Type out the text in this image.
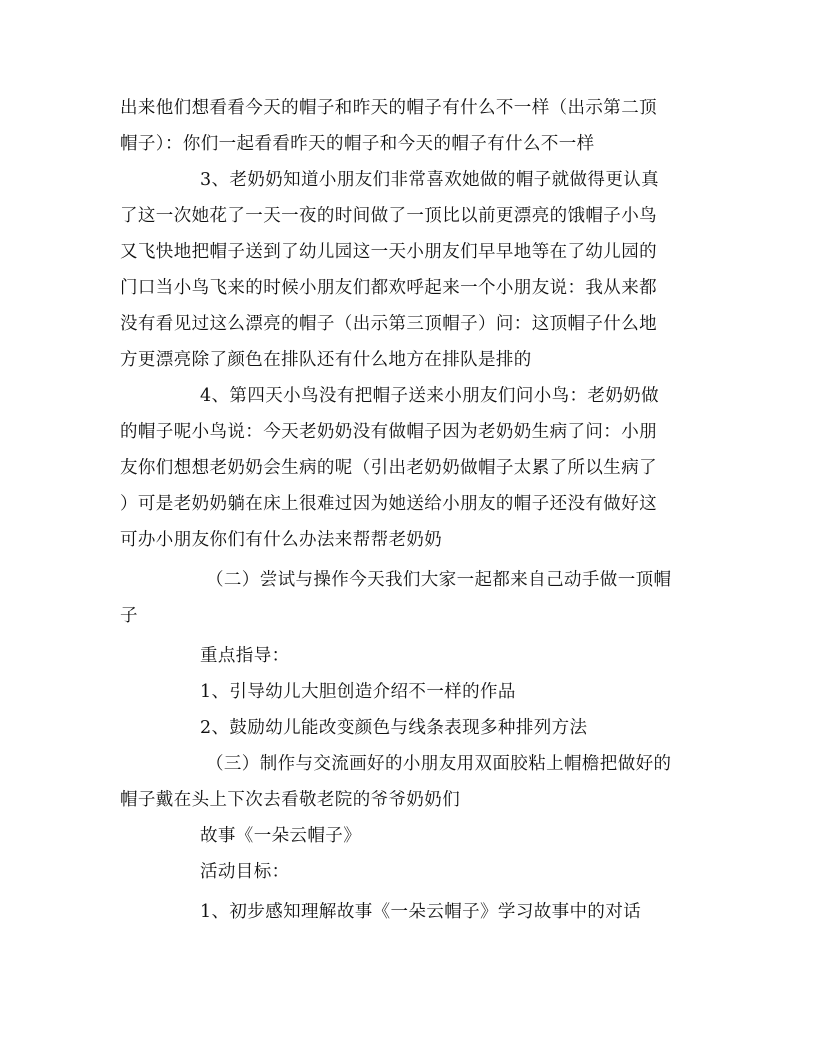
出来他们想看看今天的帽子和昨天的帽子有什么不一样（出示第二顶
帽子）：你们一起看看昨天的帽子和今天的帽子有什么不一样
3、老奶奶知道小朋友们非常喜欢她做的帽子就做得更认真
了这一次她花了一天一夜的时间做了一顶比以前更漂亮的饿帽子小鸟
又飞快地把帽子送到了幼儿园这一天小朋友们早早地等在了幼儿园的
门口当小鸟飞来的时候小朋友们都欢呼起来一个小朋友说：我从来都
没有看见过这么漂亮的帽子（出示第三顶帽子）问：这顶帽子什么地
方更漂亮除了颜色在排队还有什么地方在排队是排的
4、第四天小鸟没有把帽子送来小朋友们问小鸟：老奶奶做
的帽子呢小鸟说：今天老奶奶没有做帽子因为老奶奶生病了问：小朋
友你们想想老奶奶会生病的呢（引出老奶奶做帽子太累了所以生病了
）可是老奶奶躺在床上很难过因为她送给小朋友的帽子还没有做好这
可办小朋友你们有什么办法来帮帮老奶奶
（二）尝试与操作今天我们大家一起都来自己动手做一顶帽
子
重点指导：
1、引导幼儿大胆创造介绍不一样的作品
2、鼓励幼儿能改变颜色与线条表现多种排列方法
（三）制作与交流画好的小朋友用双面胶粘上帽檐把做好的
帽子戴在头上下次去看敬老院的爷爷奶奶们
故事《一朵云帽子》
活动目标：
1、初步感知理解故事《一朵云帽子》学习故事中的对话
